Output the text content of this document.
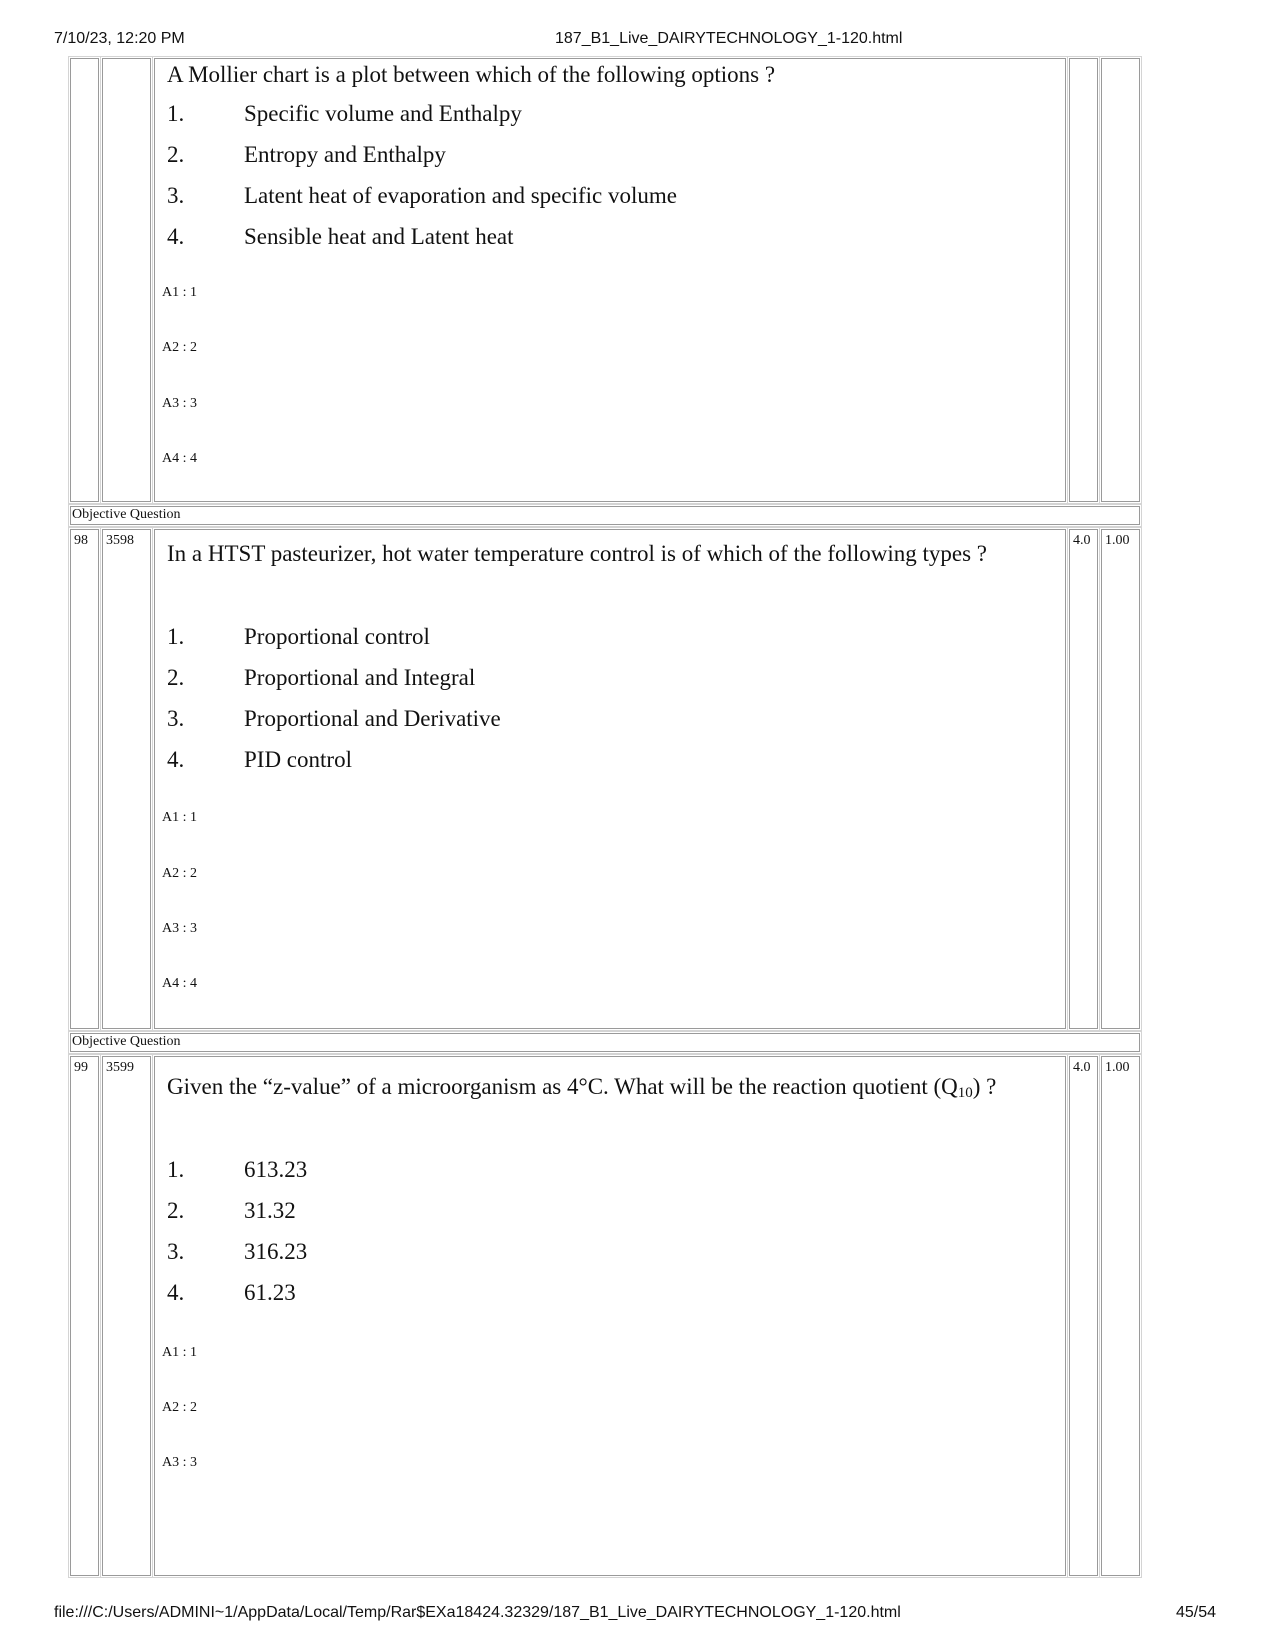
7/10/23, 12:20 PM	187_B1_Live_DAIRYTECHNOLOGY_1-120.html
file:///C:/Users/ADMINI~1/AppData/Local/Temp/Rar$EXa18424.32329/187_B1_Live_DAIRYTECHNOLOGY_1-120.html	45/54
A Mollier chart is a plot between which of the following options ?
1.	Specific volume and Enthalpy
2.	Entropy and Enthalpy
3.	Latent heat of evaporation and specific volume
4.	Sensible heat and Latent heat
A1 : 1
A2 : 2
A3 : 3
A4 : 4
Objective Question
98	3598
In a HTST pasteurizer, hot water temperature control is of which of the following types ?
1.	Proportional control
2.	Proportional and Integral
3.	Proportional and Derivative
4.	PID control
A1 : 1
A2 : 2
A3 : 3
A4 : 4
4.0	1.00
Objective Question
99	3599
Given the “z-value” of a microorganism as 4°C. What will be the reaction quotient $(Q_{10})$ ?
1.	613.23
2.	31.32
3.	316.23
4.	61.23
A1 : 1
A2 : 2
A3 : 3
4.0	1.00
